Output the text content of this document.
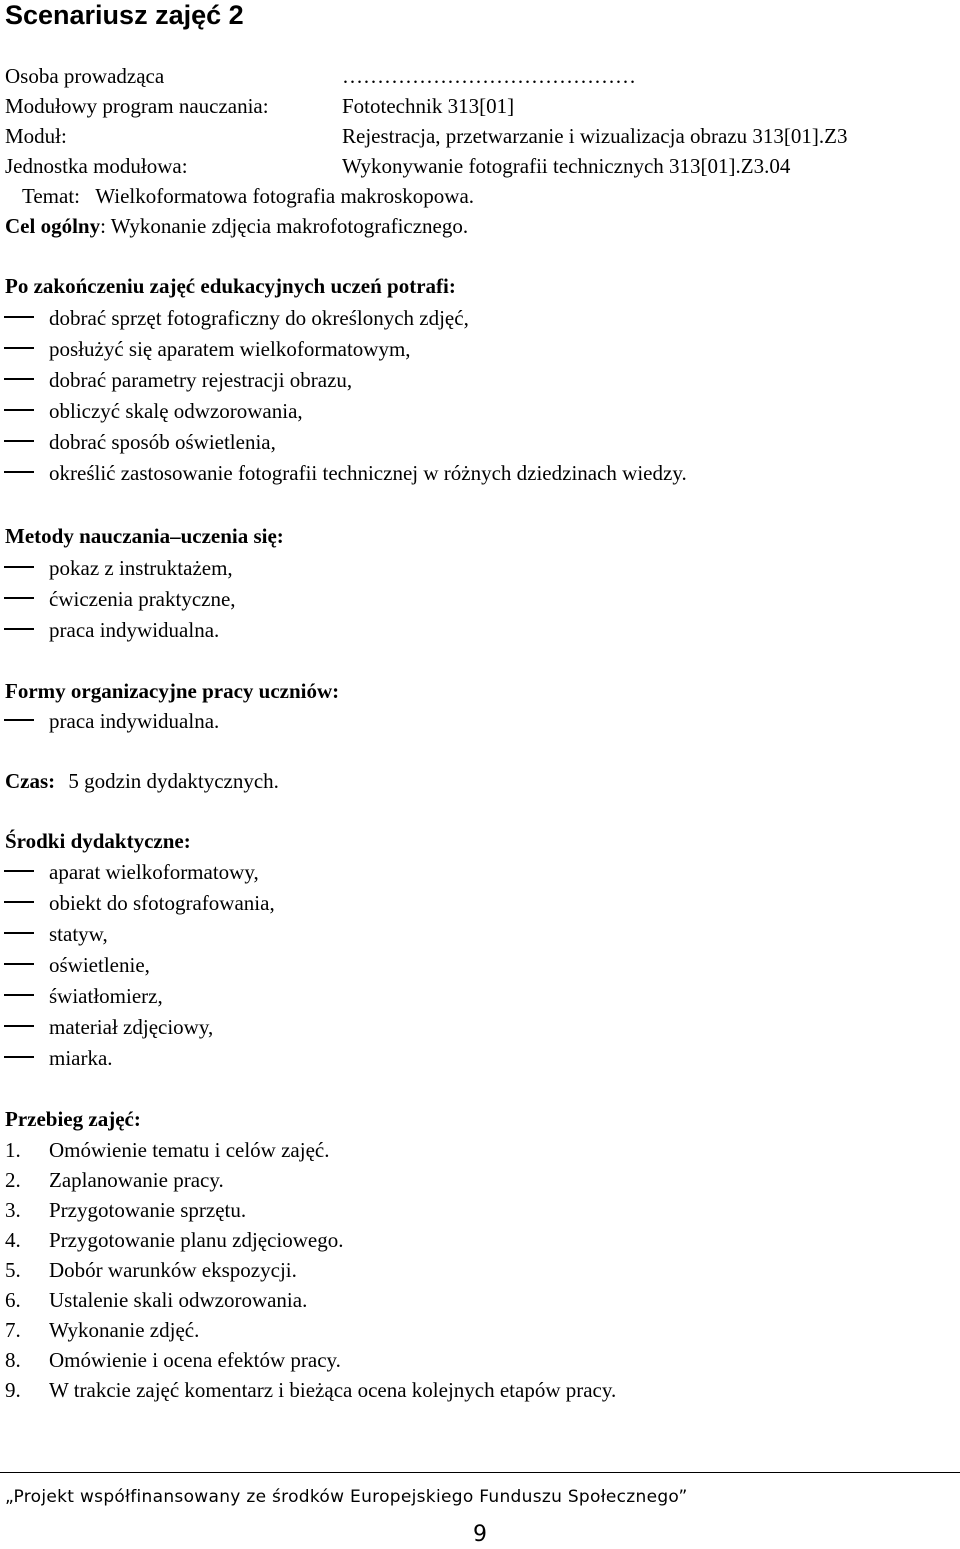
Scenariusz zajęć 2
Osoba prowadząca	……………………………………
Modułowy program nauczania:	Fototechnik 313[01]
Moduł:	Rejestracja, przetwarzanie i wizualizacja obrazu 313[01].Z3
Jednostka modułowa:	Wykonywanie fotografii technicznych 313[01].Z3.04
Temat: Wielkoformatowa fotografia makroskopowa.
Cel ogólny: Wykonanie zdjęcia makrofotograficznego.
Po zakończeniu zajęć edukacyjnych uczeń potrafi:
dobrać sprzęt fotograficzny do określonych zdjęć,
posłużyć się aparatem wielkoformatowym,
dobrać parametry rejestracji obrazu,
obliczyć skalę odwzorowania,
dobrać sposób oświetlenia,
określić zastosowanie fotografii technicznej w różnych dziedzinach wiedzy.
Metody nauczania–uczenia się:
pokaz z instruktażem,
ćwiczenia praktyczne,
praca indywidualna.
Formy organizacyjne pracy uczniów:
praca indywidualna.
Czas: 5 godzin dydaktycznych.
Środki dydaktyczne:
aparat wielkoformatowy,
obiekt do sfotografowania,
statyw,
oświetlenie,
światłomierz,
materiał zdjęciowy,
miarka.
Przebieg zajęć:
1. Omówienie tematu i celów zajęć.
2. Zaplanowanie pracy.
3. Przygotowanie sprzętu.
4. Przygotowanie planu zdjęciowego.
5. Dobór warunków ekspozycji.
6. Ustalenie skali odwzorowania.
7. Wykonanie zdjęć.
8. Omówienie i ocena efektów pracy.
9. W trakcie zajęć komentarz i bieżąca ocena kolejnych etapów pracy.
„Projekt współfinansowany ze środków Europejskiego Funduszu Społecznego”
9
